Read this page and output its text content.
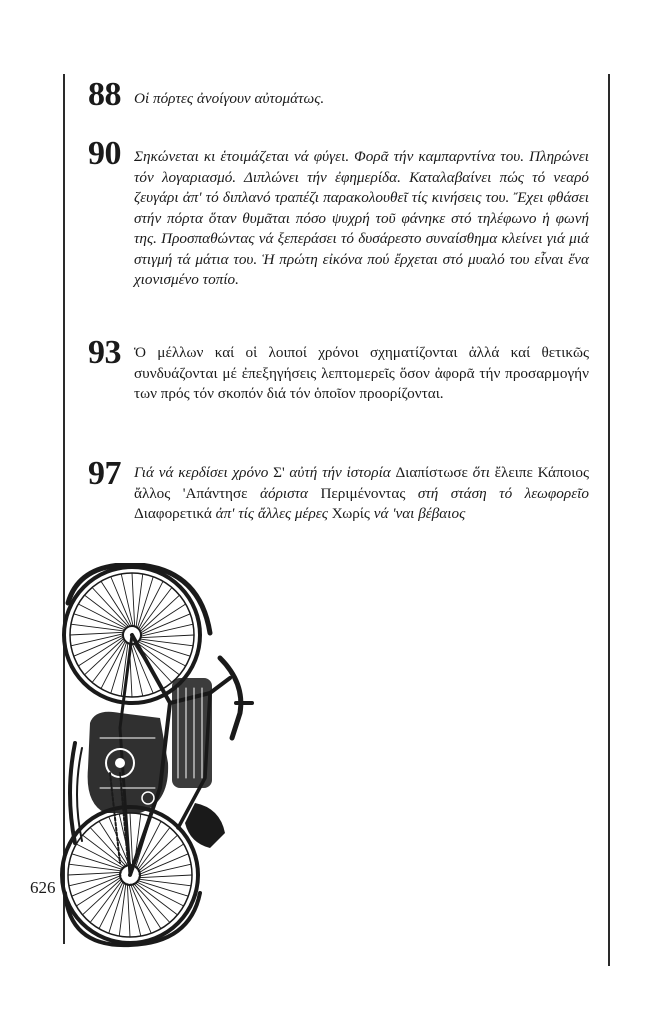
88 Οἱ πόρτες ἀνοίγουν αὐτομάτως.
90 Σηκώνεται κι ἑτοιμάζεται νά φύγει. Φορᾶ τήν καμπαρντίνα του. Πληρώνει τόν λογαριασμό. Διπλώνει τήν ἐφημερίδα. Καταλαβαίνει πώς τό νεαρό ζευγάρι ἀπ' τό διπλανό τραπέζι παρακολουθεῖ τίς κινήσεις του. Ἔχει φθάσει στήν πόρτα ὅταν θυμᾶται πόσο ψυχρή τοῦ φάνηκε στό τηλέφωνο ἡ φωνή της. Προσπαθώντας νά ξεπεράσει τό δυσάρεστο συναίσθημα κλείνει γιά μιά στιγμή τά μάτια του. Ἡ πρώτη εἰκόνα πού ἔρχεται στό μυαλό του εἶναι ἕνα χιονισμένο τοπίο.
93 Ὁ μέλλων καί οἱ λοιποί χρόνοι σχηματίζονται ἀλλά καί θετικῶς συνδυάζονται μέ ἐπεξηγήσεις λεπτομερεῖς ὅσον ἀφορᾶ τήν προσαρμογήν των πρός τόν σκοπόν διά τόν ὁποῖον προορίζονται.
97 Γιά νά κερδίσει χρόνο Σ' αὐτή τήν ἱστορία Διαπίστωσε ὅτι ἔλειπε Κάποιος ἄλλος 'Απάντησε ἀόριστα Περιμένοντας στή στάση τό λεωφορεῖο Διαφορετικά ἀπ' τίς ἄλλες μέρες Χωρίς νά 'ναι βέβαιος
626
